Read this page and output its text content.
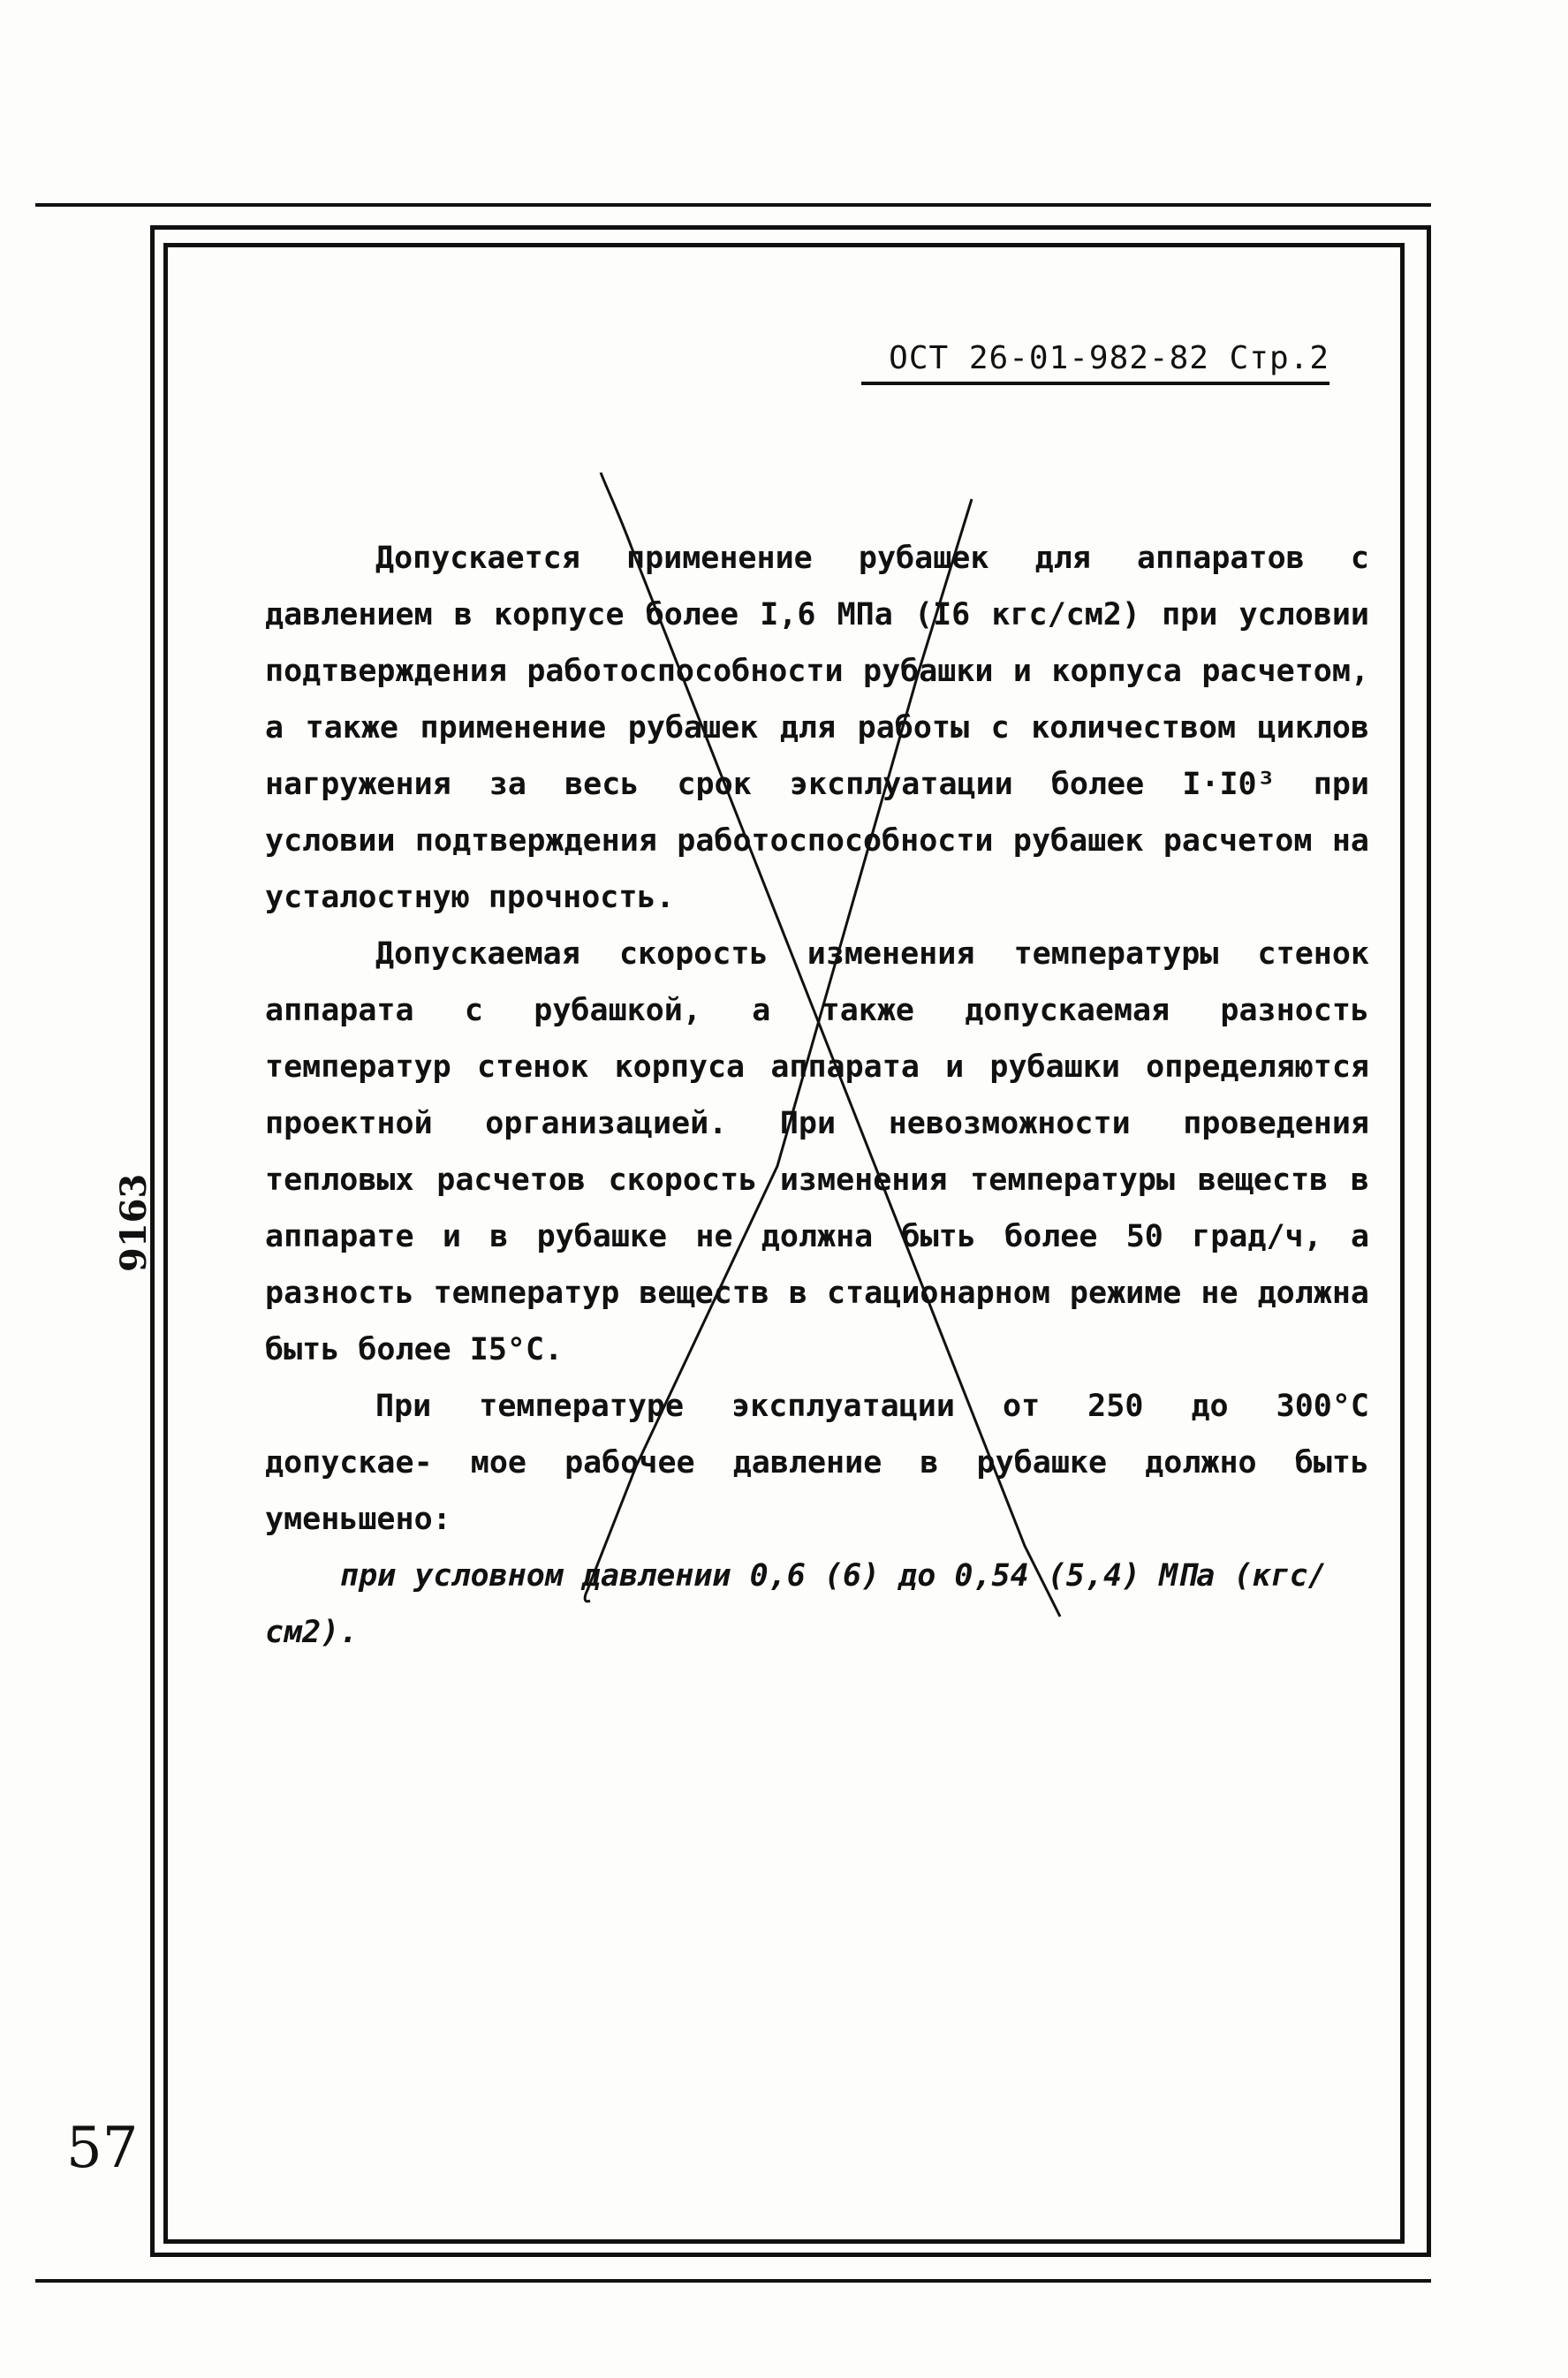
ОСТ 26-01-982-82 Стр.2

Допускается применение рубашек для аппаратов с давлением в корпусе более I,6 МПа (I6 кгс/см2) при условии подтверждения работоспособности рубашки и корпуса расчетом, а также применение рубашек для работы с количеством циклов нагружения за весь срок эксплуатации более I·I0³ при условии подтверждения работоспособности рубашек расчетом на усталостную прочность.

Допускаемая скорость изменения температуры стенок аппарата с рубашкой, а также допускаемая разность температур стенок корпуса аппарата и рубашки определяются проектной организацией. При невозможности проведения тепловых расчетов скорость изменения температуры веществ в аппарате и в рубашке не должна быть более 50 град/ч, а разность температур веществ в стационарном режиме не должна быть более I5°С.

При температуре эксплуатации от 250 до 300°С допускае- мое рабочее давление в рубашке должно быть уменьшено:

при условном давлении 0,6 (6) до 0,54 (5,4) МПа (кгс/см2).

9163
57
